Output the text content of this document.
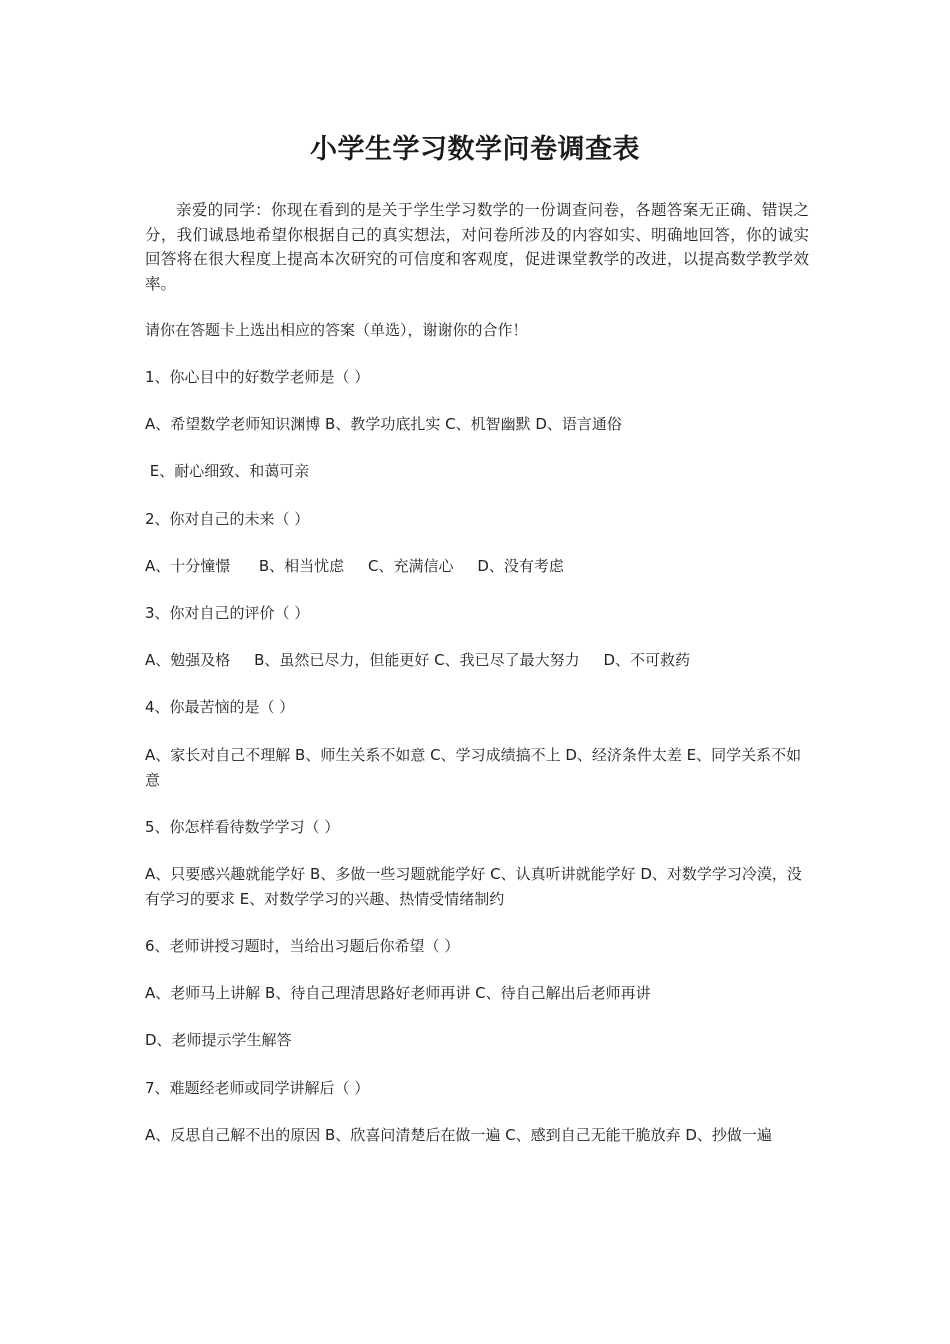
小学生学习数学问卷调查表
亲爱的同学：你现在看到的是关于学生学习数学的一份调查问卷，各题答案无正确、错误之分，我们诚恳地希望你根据自己的真实想法，对问卷所涉及的内容如实、明确地回答，你的诚实回答将在很大程度上提高本次研究的可信度和客观度，促进课堂教学的改进，以提高数学教学效率。
请你在答题卡上选出相应的答案（单选），谢谢你的合作！
1、你心目中的好数学老师是（ ）
A、希望数学老师知识渊博 B、教学功底扎实 C、机智幽默 D、语言通俗
E、耐心细致、和蔼可亲
2、你对自己的未来（ ）
A、十分憧憬      B、相当忧虑     C、充满信心     D、没有考虑
3、你对自己的评价（ ）
A、勉强及格     B、虽然已尽力，但能更好 C、我已尽了最大努力     D、不可救药
4、你最苦恼的是（ ）
A、家长对自己不理解 B、师生关系不如意 C、学习成绩搞不上 D、经济条件太差 E、同学关系不如意
5、你怎样看待数学学习（ ）
A、只要感兴趣就能学好 B、多做一些习题就能学好 C、认真听讲就能学好 D、对数学学习冷漠，没有学习的要求 E、对数学学习的兴趣、热情受情绪制约
6、老师讲授习题时，当给出习题后你希望（ ）
A、老师马上讲解 B、待自己理清思路好老师再讲 C、待自己解出后老师再讲
D、老师提示学生解答
7、难题经老师或同学讲解后（ ）
A、反思自己解不出的原因 B、欣喜问清楚后在做一遍 C、感到自己无能干脆放弃 D、抄做一遍
